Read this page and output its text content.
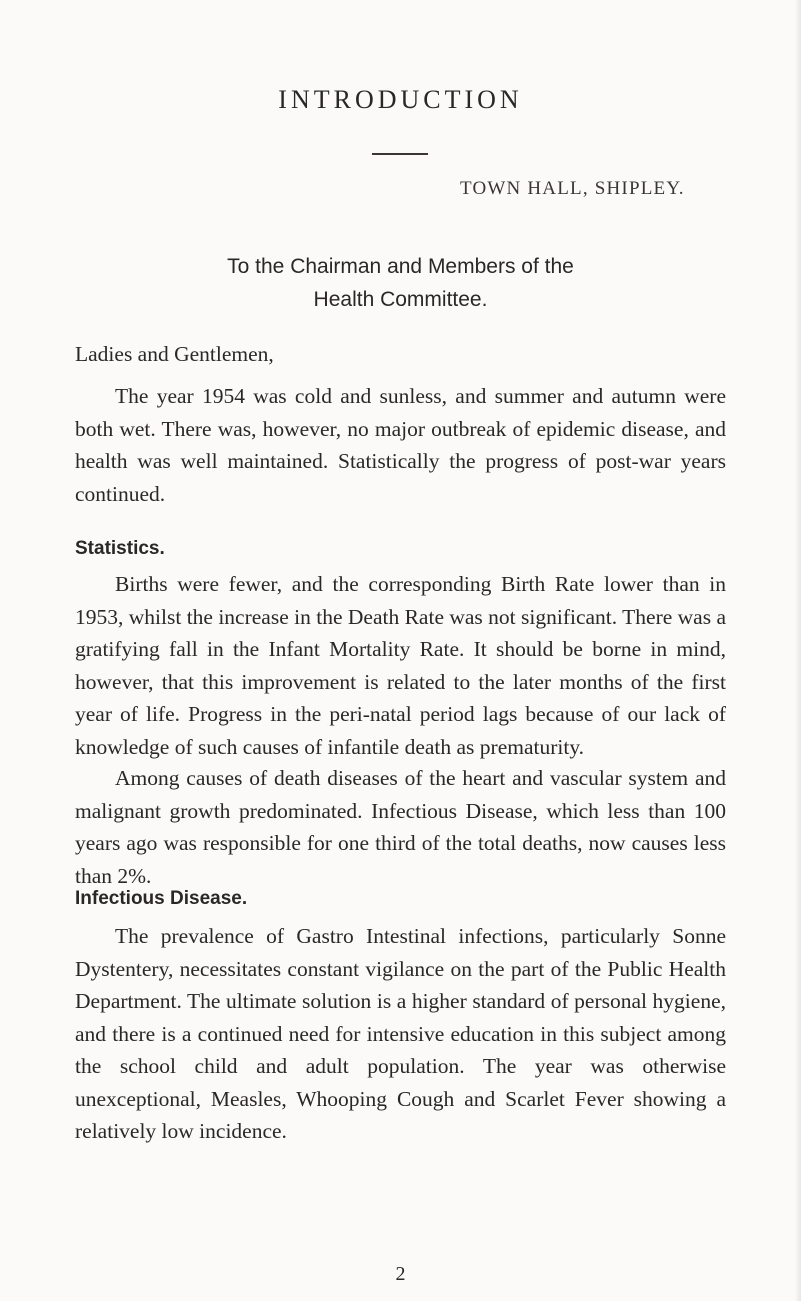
INTRODUCTION
TOWN HALL, SHIPLEY.
To the Chairman and Members of the
Health Committee.
Ladies and Gentlemen,
The year 1954 was cold and sunless, and summer and autumn were both wet. There was, however, no major outbreak of epidemic disease, and health was well maintained. Statistically the progress of post-war years continued.
Statistics.
Births were fewer, and the corresponding Birth Rate lower than in 1953, whilst the increase in the Death Rate was not significant. There was a gratifying fall in the Infant Mortality Rate. It should be borne in mind, however, that this improvement is related to the later months of the first year of life. Progress in the peri-natal period lags because of our lack of knowledge of such causes of infantile death as prematurity.
Among causes of death diseases of the heart and vascular system and malignant growth predominated. Infectious Disease, which less than 100 years ago was responsible for one third of the total deaths, now causes less than 2%.
Infectious Disease.
The prevalence of Gastro Intestinal infections, particularly Sonne Dystentery, necessitates constant vigilance on the part of the Public Health Department. The ultimate solution is a higher standard of personal hygiene, and there is a continued need for intensive education in this subject among the school child and adult population. The year was otherwise unexceptional, Measles, Whooping Cough and Scarlet Fever showing a relatively low incidence.
2
